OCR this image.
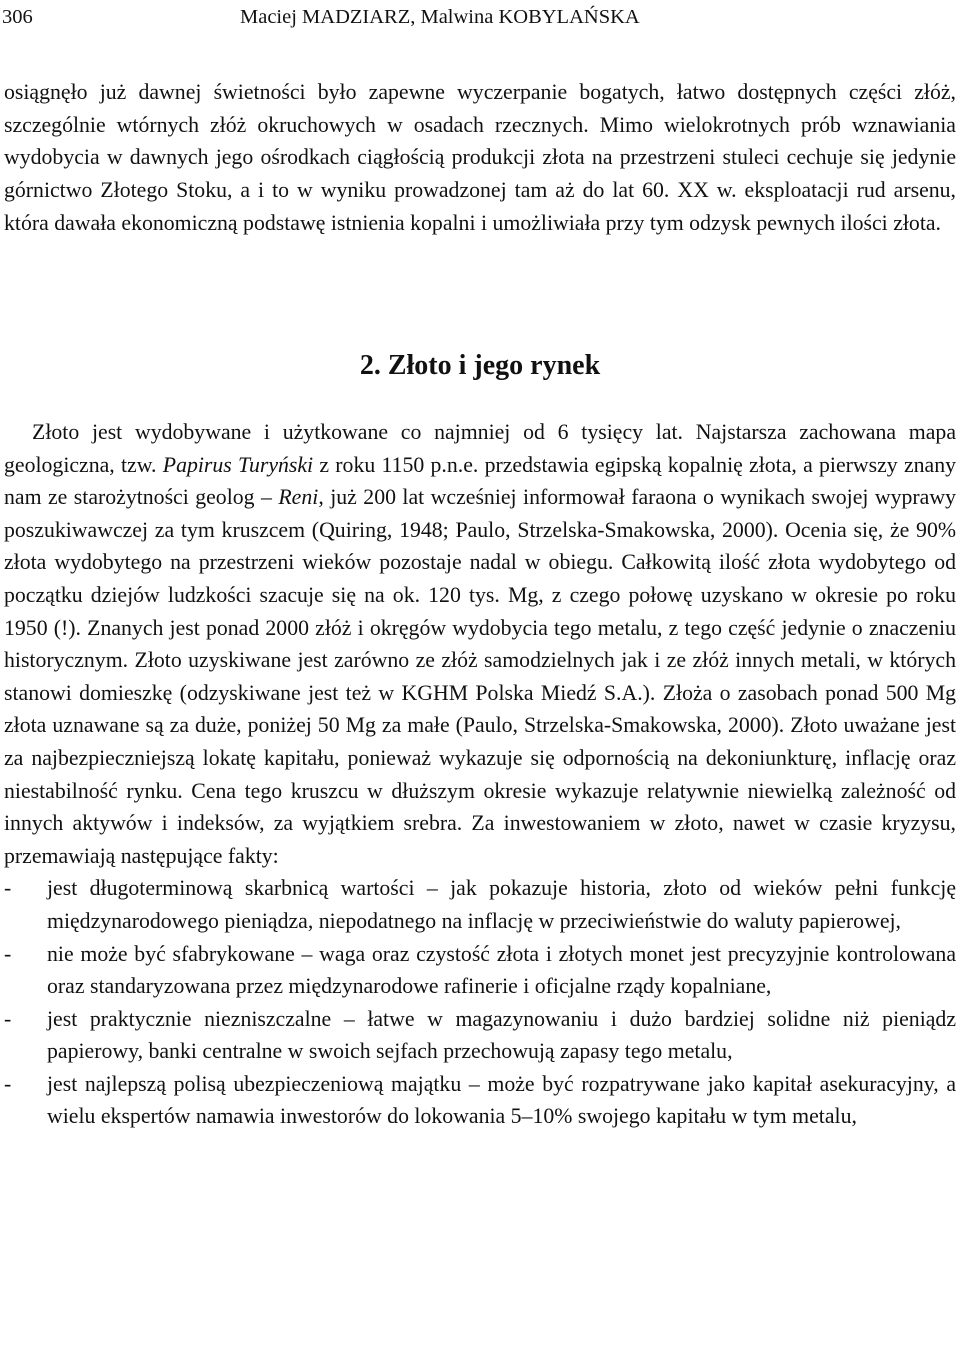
306	Maciej MADZIARZ, Malwina KOBYLAŃSKA

osiągnęło już dawnej świetności było zapewne wyczerpanie bogatych, łatwo dostępnych części złóż, szczególnie wtórnych złóż okruchowych w osadach rzecznych. Mimo wielokrotnych prób wznawiania wydobycia w dawnych jego ośrodkach ciągłością produkcji złota na przestrzeni stuleci cechuje się jedynie górnictwo Złotego Stoku, a i to w wyniku prowadzonej tam aż do lat 60. XX w. eksploatacji rud arsenu, która dawała ekonomiczną podstawę istnienia kopalni i umożliwiała przy tym odzysk pewnych ilości złota.

2. Złoto i jego rynek

Złoto jest wydobywane i użytkowane co najmniej od 6 tysięcy lat. Najstarsza zachowana mapa geologiczna, tzw. Papirus Turyński z roku 1150 p.n.e. przedstawia egipską kopalnię złota, a pierwszy znany nam ze starożytności geolog – Reni, już 200 lat wcześniej informował faraona o wynikach swojej wyprawy poszukiwawczej za tym kruszcem (Quiring, 1948; Paulo, Strzelska-Smakowska, 2000). Ocenia się, że 90% złota wydobytego na przestrzeni wieków pozostaje nadal w obiegu. Całkowitą ilość złota wydobytego od początku dziejów ludzkości szacuje się na ok. 120 tys. Mg, z czego połowę uzyskano w okresie po roku 1950 (!). Znanych jest ponad 2000 złóż i okręgów wydobycia tego metalu, z tego część jedynie o znaczeniu historycznym. Złoto uzyskiwane jest zarówno ze złóż samodzielnych jak i ze złóż innych metali, w których stanowi domieszkę (odzyskiwane jest też w KGHM Polska Miedź S.A.). Złoża o zasobach ponad 500 Mg złota uznawane są za duże, poniżej 50 Mg za małe (Paulo, Strzelska-Smakowska, 2000). Złoto uważane jest za najbezpieczniejszą lokatę kapitału, ponieważ wykazuje się odpornością na dekoniunkturę, inflację oraz niestabilność rynku. Cena tego kruszcu w dłuższym okresie wykazuje relatywnie niewielką zależność od innych aktywów i indeksów, za wyjątkiem srebra. Za inwestowaniem w złoto, nawet w czasie kryzysu, przemawiają następujące fakty:

- jest długoterminową skarbnicą wartości – jak pokazuje historia, złoto od wieków pełni funkcję międzynarodowego pieniądza, niepodatnego na inflację w przeciwieństwie do waluty papierowej,
- nie może być sfabrykowane – waga oraz czystość złota i złotych monet jest precyzyjnie kontrolowana oraz standaryzowana przez międzynarodowe rafinerie i oficjalne rządy kopalniane,
- jest praktycznie niezniszczalne – łatwe w magazynowaniu i dużo bardziej solidne niż pieniądz papierowy, banki centralne w swoich sejfach przechowują zapasy tego metalu,
- jest najlepszą polisą ubezpieczeniową majątku – może być rozpatrywane jako kapitał asekuracyjny, a wielu ekspertów namawia inwestorów do lokowania 5–10% swojego kapitału w tym metalu,
